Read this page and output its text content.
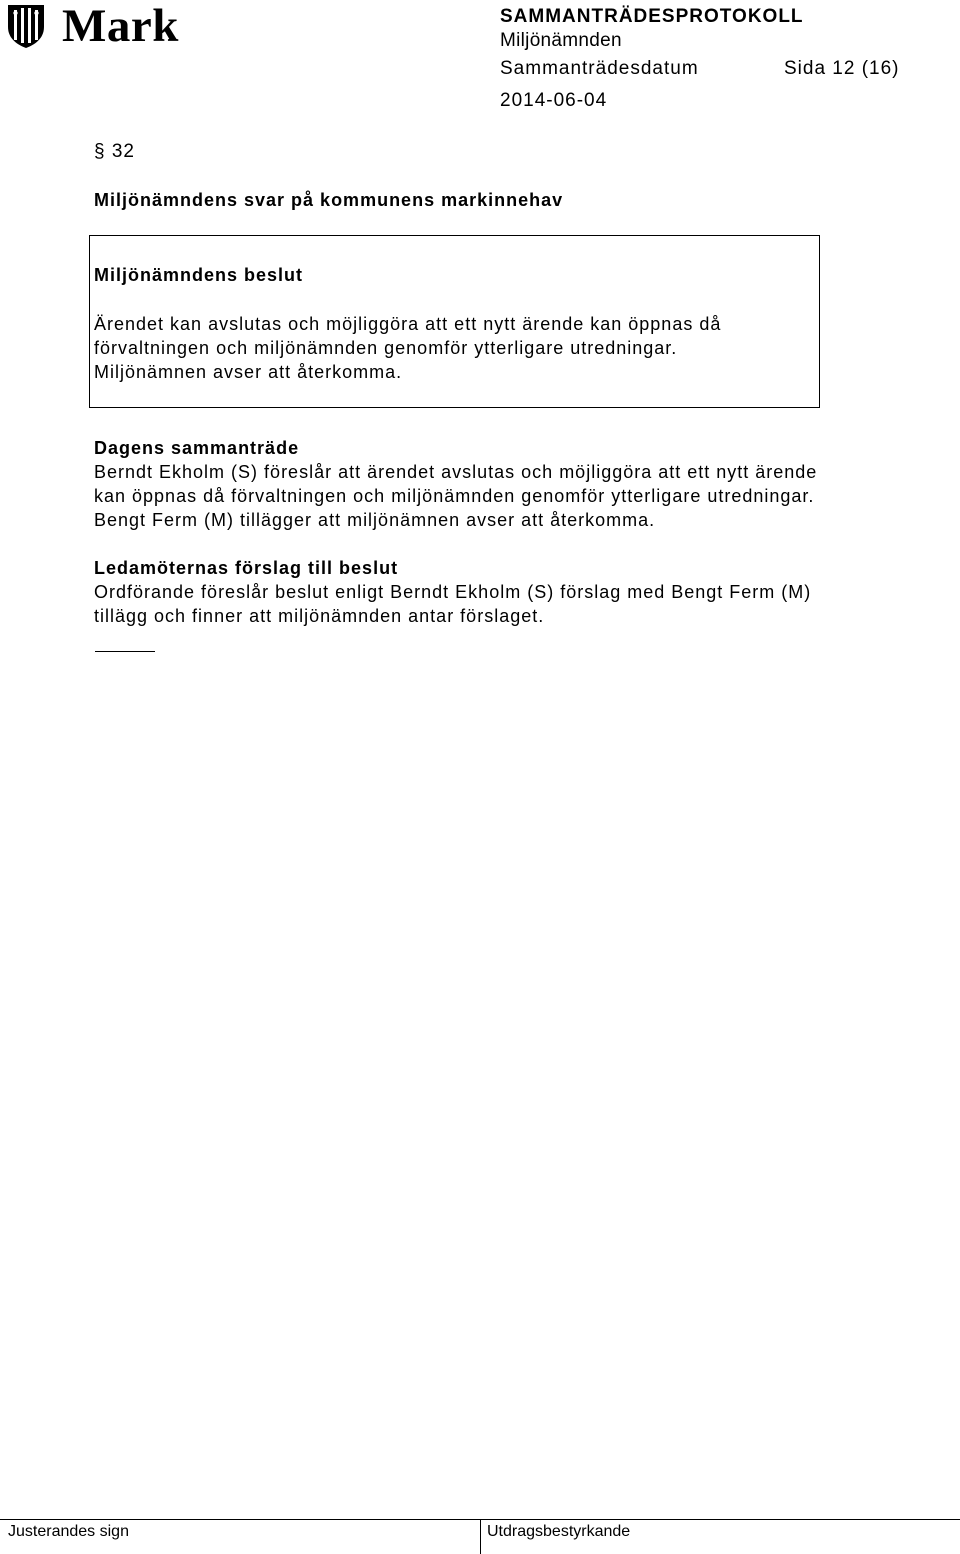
Mark	SAMMANTRÄDESPROTOKOLL
Miljönämnden
Sammanträdesdatum	Sida 12 (16)
2014-06-04
§ 32
Miljönämndens svar på kommunens markinnehav
Miljönämndens beslut
Ärendet kan avslutas och möjliggöra att ett nytt ärende kan öppnas då
förvaltningen och miljönämnden genomför ytterligare utredningar.
Miljönämnen avser att återkomma.
Dagens sammanträde
Berndt Ekholm (S) föreslår att ärendet avslutas och möjliggöra att ett nytt ärende
kan öppnas då förvaltningen och miljönämnden genomför ytterligare utredningar.
Bengt Ferm (M) tillägger att miljönämnen avser att återkomma.
Ledamöternas förslag till beslut
Ordförande föreslår beslut enligt Berndt Ekholm (S) förslag med Bengt Ferm (M)
tillägg och finner att miljönämnden antar förslaget.
Justerandes sign	Utdragsbestyrkande
